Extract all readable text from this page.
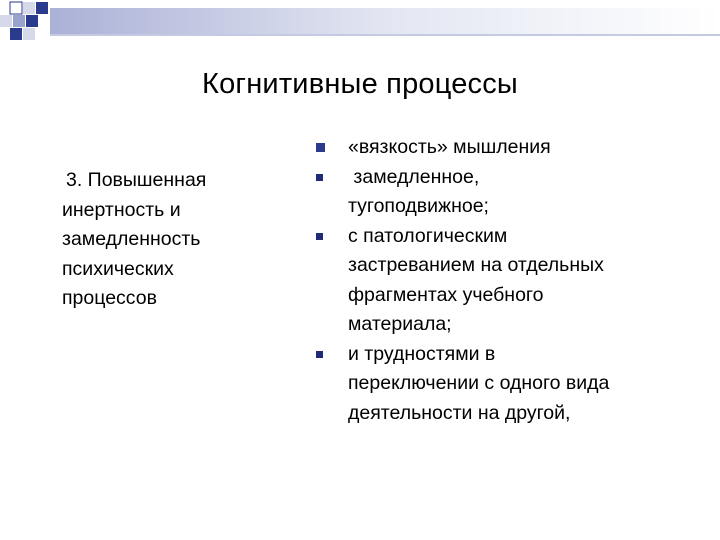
Когнитивные процессы
3. Повышенная
инертность и
замедленность
психических
процессов
«вязкость» мышления
замедленное,
тугоподвижное;
с патологическим
застреванием на отдельных
фрагментах учебного
материала;
и трудностями в
переключении с одного вида
деятельности на другой,
